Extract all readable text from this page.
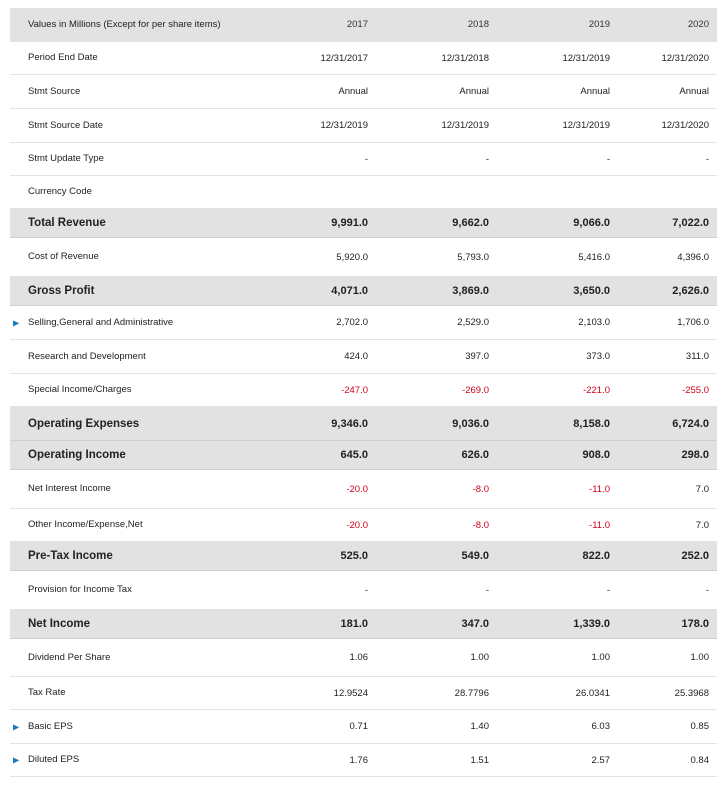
Values in Millions (Except for per share items)	2017	2018	2019	2020
Period End Date	12/31/2017	12/31/2018	12/31/2019	12/31/2020
Stmt Source	Annual	Annual	Annual	Annual
Stmt Source Date	12/31/2019	12/31/2019	12/31/2019	12/31/2020
Stmt Update Type	-	-	-	-
Currency Code
Total Revenue	9,991.0	9,662.0	9,066.0	7,022.0
Cost of Revenue	5,920.0	5,793.0	5,416.0	4,396.0
Gross Profit	4,071.0	3,869.0	3,650.0	2,626.0
▶ Selling,General and Administrative	2,702.0	2,529.0	2,103.0	1,706.0
Research and Development	424.0	397.0	373.0	311.0
Special Income/Charges	-247.0	-269.0	-221.0	-255.0
Operating Expenses	9,346.0	9,036.0	8,158.0	6,724.0
Operating Income	645.0	626.0	908.0	298.0
Net Interest Income	-20.0	-8.0	-11.0	7.0
Other Income/Expense,Net	-20.0	-8.0	-11.0	7.0
Pre-Tax Income	525.0	549.0	822.0	252.0
Provision for Income Tax	-	-	-	-
Net Income	181.0	347.0	1,339.0	178.0
Dividend Per Share	1.06	1.00	1.00	1.00
Tax Rate	12.9524	28.7796	26.0341	25.3968
▶ Basic EPS	0.71	1.40	6.03	0.85
▶ Diluted EPS	1.76	1.51	2.57	0.84
